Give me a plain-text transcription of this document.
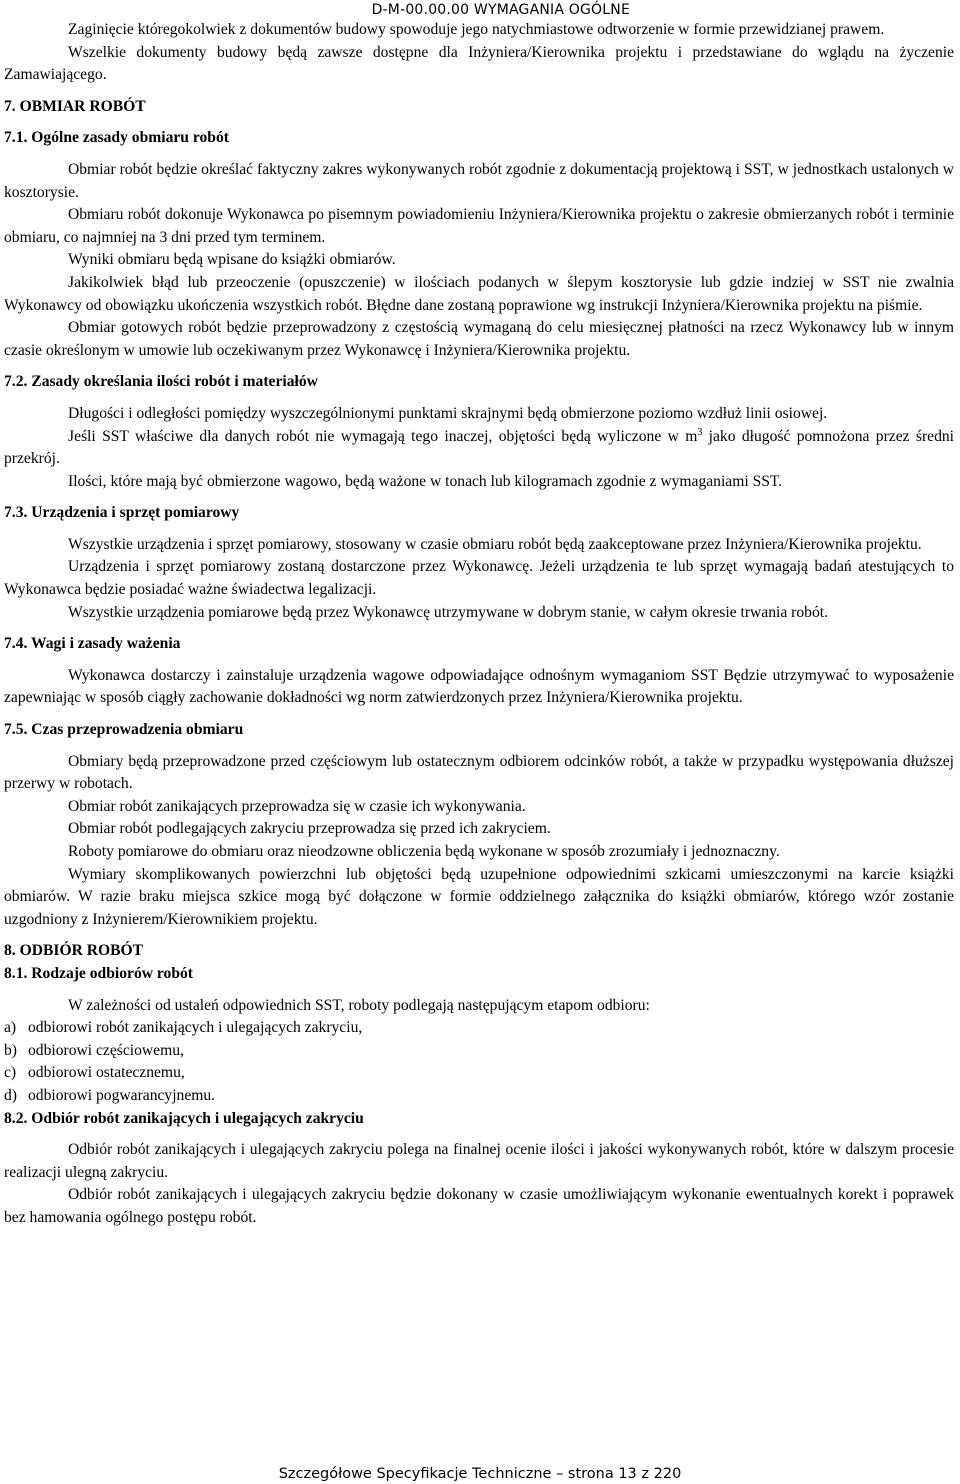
D-M-00.00.00 WYMAGANIA OGÓLNE

Zaginięcie któregokolwiek z dokumentów budowy spowoduje jego natychmiastowe odtworzenie w formie przewidzianej prawem.

Wszelkie dokumenty budowy będą zawsze dostępne dla Inżyniera/Kierownika projektu i przedstawiane do wglądu na życzenie Zamawiającego.

7. OBMIAR ROBÓT
7.1. Ogólne zasady obmiaru robót

Obmiar robót będzie określać faktyczny zakres wykonywanych robót zgodnie z dokumentacją projektową i SST, w jednostkach ustalonych w kosztorysie.

Obmiaru robót dokonuje Wykonawca po pisemnym powiadomieniu Inżyniera/Kierownika projektu o zakresie obmierzanych robót i terminie obmiaru, co najmniej na 3 dni przed tym terminem.

Wyniki obmiaru będą wpisane do książki obmiarów.

Jakikolwiek błąd lub przeoczenie (opuszczenie) w ilościach podanych w ślepym kosztorysie lub gdzie indziej w SST nie zwalnia Wykonawcy od obowiązku ukończenia wszystkich robót. Błędne dane zostaną poprawione wg instrukcji Inżyniera/Kierownika projektu na piśmie.

Obmiar gotowych robót będzie przeprowadzony z częstością wymaganą do celu miesięcznej płatności na rzecz Wykonawcy lub w innym czasie określonym w umowie lub oczekiwanym przez Wykonawcę i Inżyniera/Kierownika projektu.

7.2. Zasady określania ilości robót i materiałów

Długości i odległości pomiędzy wyszczególnionymi punktami skrajnymi będą obmierzone poziomo wzdłuż linii osiowej.

Jeśli SST właściwe dla danych robót nie wymagają tego inaczej, objętości będą wyliczone w $m^3$ jako długość pomnożona przez średni przekrój.

Ilości, które mają być obmierzone wagowo, będą ważone w tonach lub kilogramach zgodnie z wymaganiami SST.

7.3. Urządzenia i sprzęt pomiarowy

Wszystkie urządzenia i sprzęt pomiarowy, stosowany w czasie obmiaru robót będą zaakceptowane przez Inżyniera/Kierownika projektu.

Urządzenia i sprzęt pomiarowy zostaną dostarczone przez Wykonawcę. Jeżeli urządzenia te lub sprzęt wymagają badań atestujących to Wykonawca będzie posiadać ważne świadectwa legalizacji.

Wszystkie urządzenia pomiarowe będą przez Wykonawcę utrzymywane w dobrym stanie, w całym okresie trwania robót.

7.4. Wagi i zasady ważenia

Wykonawca dostarczy i zainstaluje urządzenia wagowe odpowiadające odnośnym wymaganiom SST Będzie utrzymywać to wyposażenie zapewniając w sposób ciągły zachowanie dokładności wg norm zatwierdzonych przez Inżyniera/Kierownika projektu.

7.5. Czas przeprowadzenia obmiaru

Obmiary będą przeprowadzone przed częściowym lub ostatecznym odbiorem odcinków robót, a także w przypadku występowania dłuższej przerwy w robotach.

Obmiar robót zanikających przeprowadza się w czasie ich wykonywania.

Obmiar robót podlegających zakryciu przeprowadza się przed ich zakryciem.

Roboty pomiarowe do obmiaru oraz nieodzowne obliczenia będą wykonane w sposób zrozumiały i jednoznaczny.

Wymiary skomplikowanych powierzchni lub objętości będą uzupełnione odpowiednimi szkicami umieszczonymi na karcie książki obmiarów. W razie braku miejsca szkice mogą być dołączone w formie oddzielnego załącznika do książki obmiarów, którego wzór zostanie uzgodniony z Inżynierem/Kierownikiem projektu.

8. ODBIÓR ROBÓT
8.1. Rodzaje odbiorów robót

W zależności od ustaleń odpowiednich SST, roboty podlegają następującym etapom odbioru:

a) odbiorowi robót zanikających i ulegających zakryciu,
b) odbiorowi częściowemu,
c) odbiorowi ostatecznemu,
d) odbiorowi pogwarancyjnemu.
8.2. Odbiór robót zanikających i ulegających zakryciu

Odbiór robót zanikających i ulegających zakryciu polega na finalnej ocenie ilości i jakości wykonywanych robót, które w dalszym procesie realizacji ulegną zakryciu.

Odbiór robót zanikających i ulegających zakryciu będzie dokonany w czasie umożliwiającym wykonanie ewentualnych korekt i poprawek bez hamowania ogólnego postępu robót.

Szczegółowe Specyfikacje Techniczne – strona 13 z 220
